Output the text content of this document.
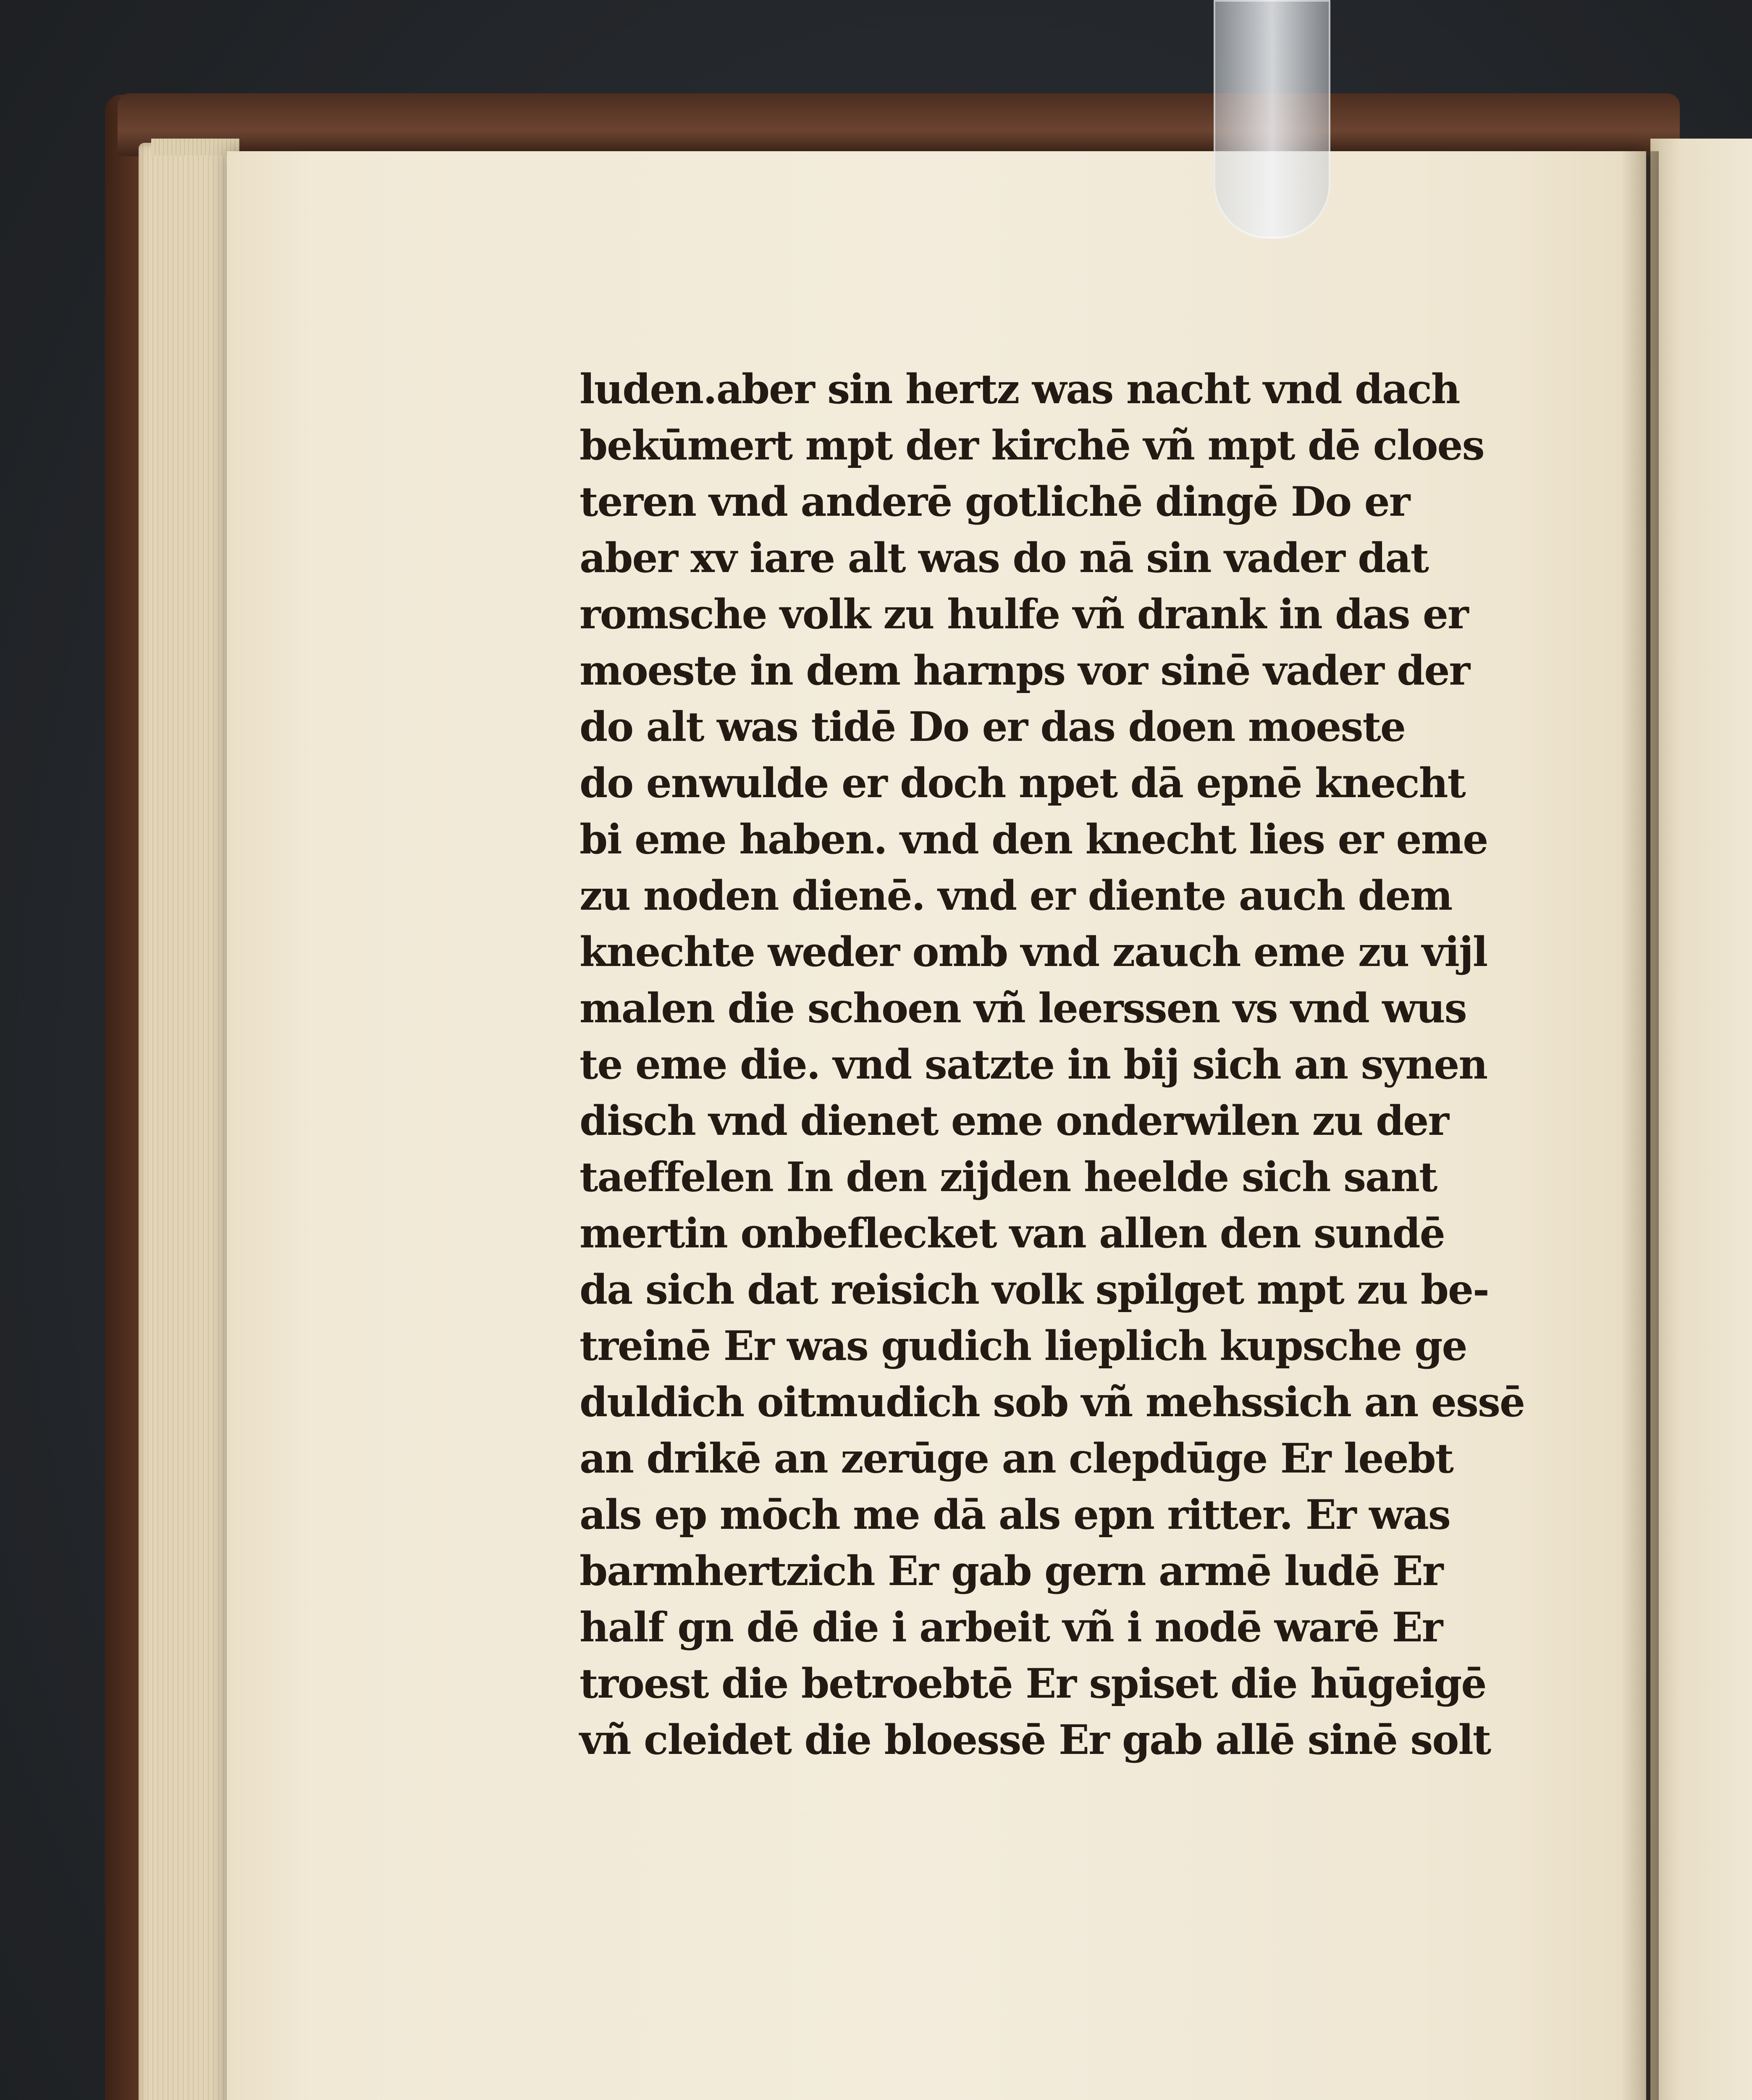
luden.aber sin hertz was nacht vnd dach
bekūmert mpt der kirchē vñ mpt dē cloes
teren vnd anderē gotlichē dingē Do er
aber xv iare alt was do nā sin vader dat
romsche volk zu hulfe vñ drank in das er
moeste in dem harnps vor sinē vader der
do alt was tidē Do er das doen moeste
do enwulde er doch npet dā epnē knecht
bi eme haben. vnd den knecht lies er eme
zu noden dienē. vnd er diente auch dem
knechte weder omb vnd zauch eme zu vijl
malen die schoen vñ leerssen vs vnd wus
te eme die. vnd satzte in bij sich an synen
disch vnd dienet eme onderwilen zu der
taeffelen In den zijden heelde sich sant
mertin onbeflecket van allen den sundē
da sich dat reisich volk spilget mpt zu be-
treinē Er was gudich lieplich kupsche ge
duldich oitmudich sob vñ mehssich an essē
an drikē an zerūge an clepdūge Er leebt
als ep mōch me dā als epn ritter. Er was
barmhertzich Er gab gern armē ludē Er
half gn dē die i arbeit vñ i nodē warē Er
troest die betroebtē Er spiset die hūgeigē
vñ cleidet die bloessē Er gab allē sinē solt
